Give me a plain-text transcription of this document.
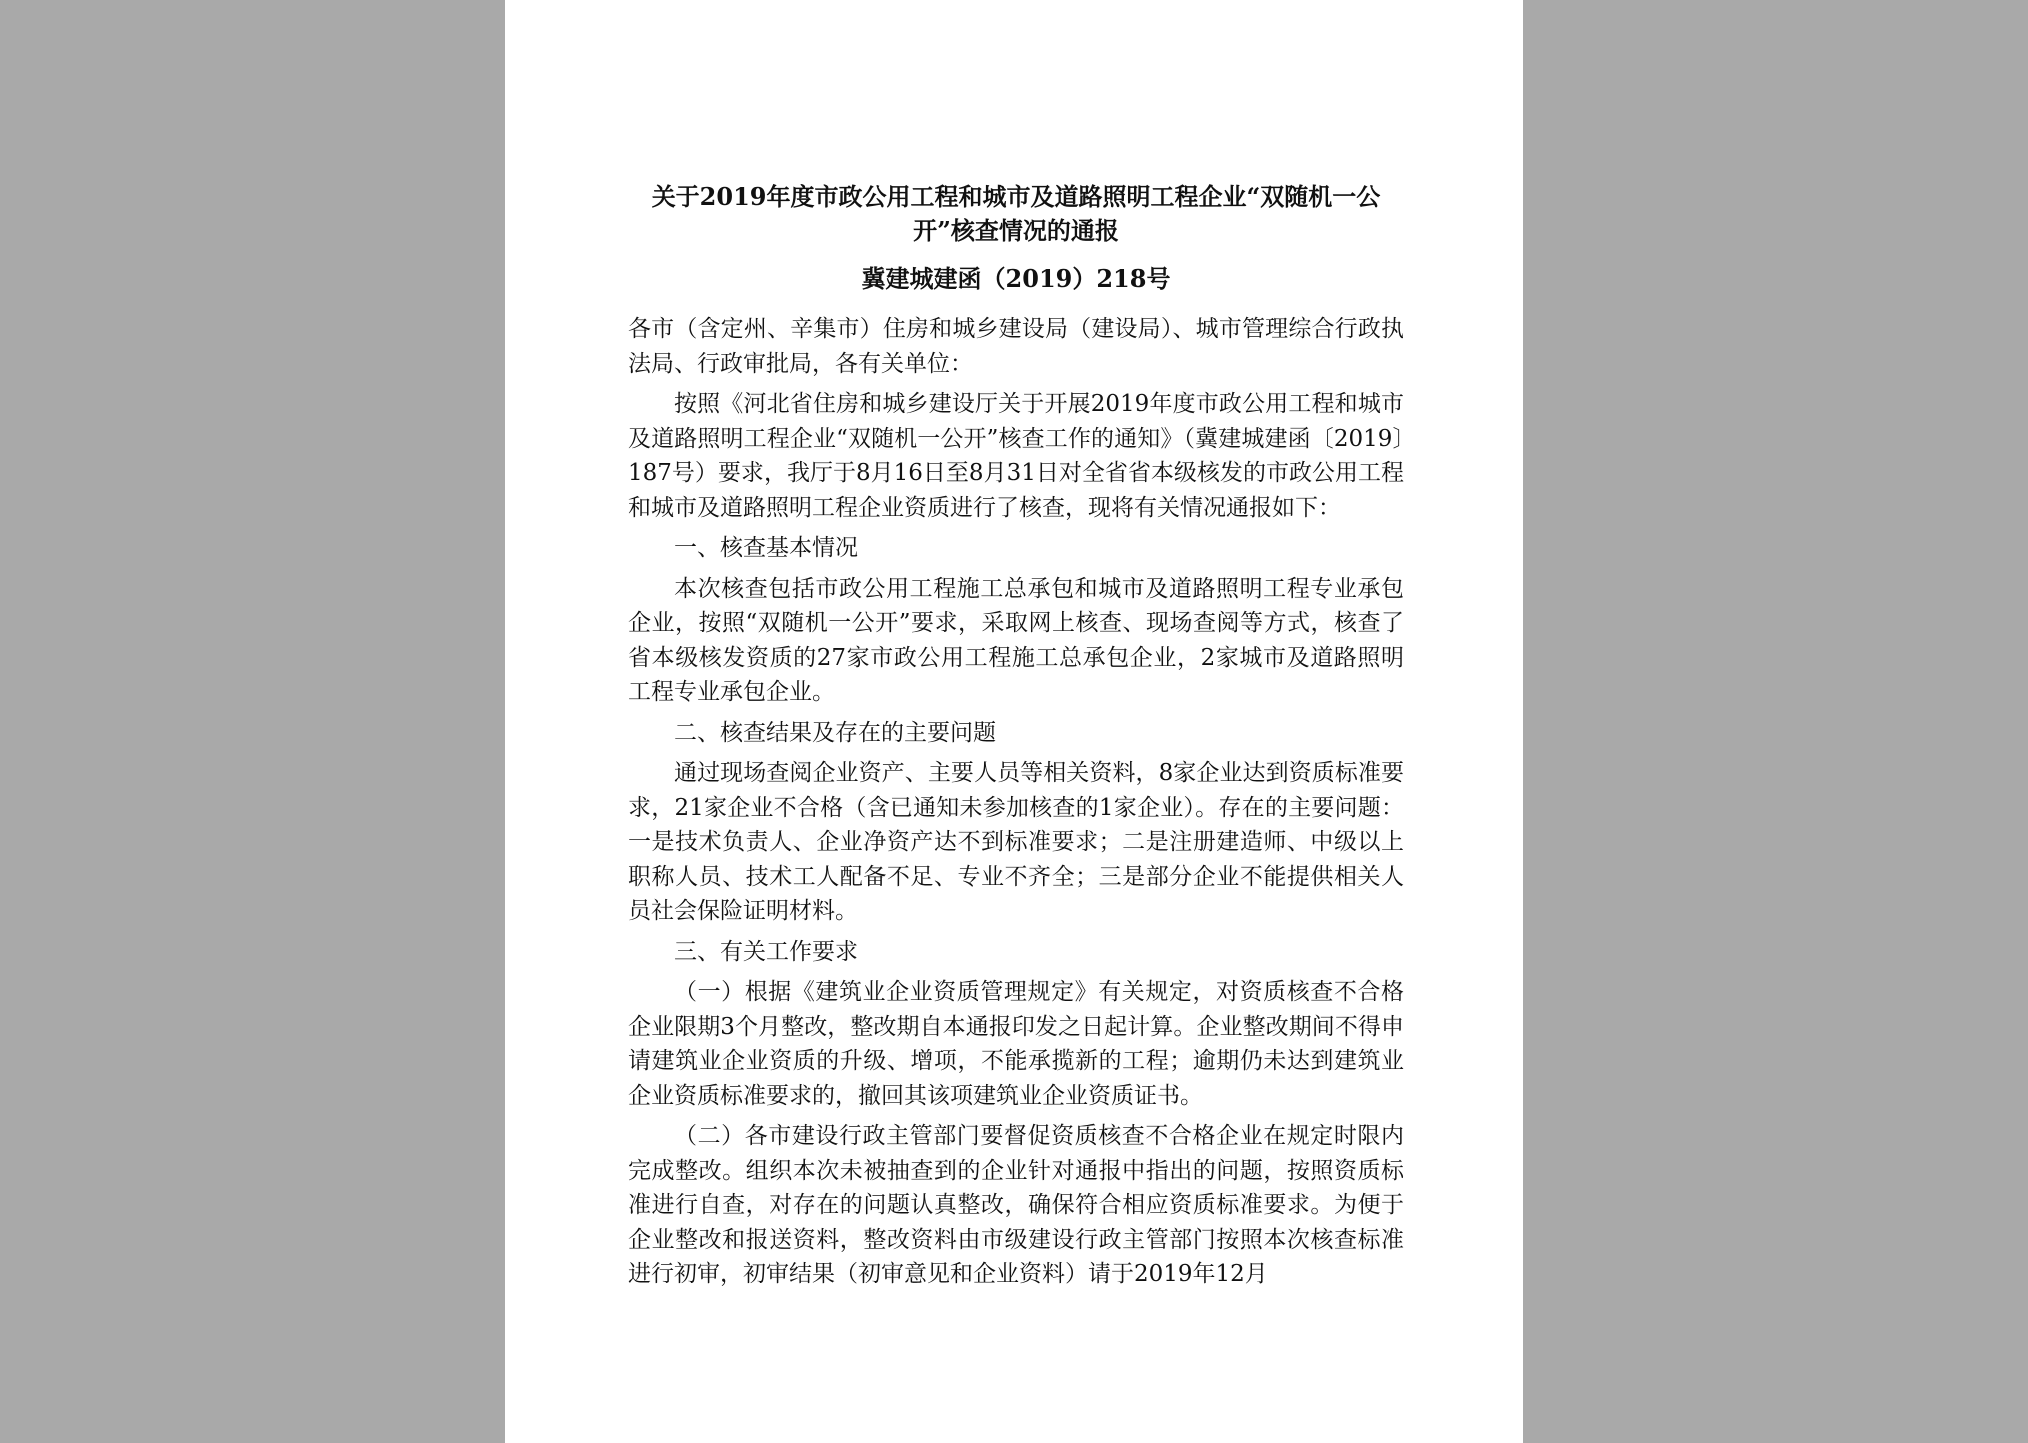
关于2019年度市政公用工程和城市及道路照明工程企业“双随机一公开”核查情况的通报

冀建城建函（2019）218号

各市（含定州、辛集市）住房和城乡建设局（建设局）、城市管理综合行政执法局、行政审批局，各有关单位：

按照《河北省住房和城乡建设厅关于开展2019年度市政公用工程和城市及道路照明工程企业“双随机一公开”核查工作的通知》（冀建城建函〔2019〕187号）要求，我厅于8月16日至8月31日对全省省本级核发的市政公用工程和城市及道路照明工程企业资质进行了核查，现将有关情况通报如下：

一、核查基本情况

本次核查包括市政公用工程施工总承包和城市及道路照明工程专业承包企业，按照“双随机一公开”要求，采取网上核查、现场查阅等方式，核查了省本级核发资质的27家市政公用工程施工总承包企业，2家城市及道路照明工程专业承包企业。

二、核查结果及存在的主要问题

通过现场查阅企业资产、主要人员等相关资料，8家企业达到资质标准要求，21家企业不合格（含已通知未参加核查的1家企业）。存在的主要问题：一是技术负责人、企业净资产达不到标准要求；二是注册建造师、中级以上职称人员、技术工人配备不足、专业不齐全；三是部分企业不能提供相关人员社会保险证明材料。

三、有关工作要求

（一）根据《建筑业企业资质管理规定》有关规定，对资质核查不合格企业限期3个月整改，整改期自本通报印发之日起计算。企业整改期间不得申请建筑业企业资质的升级、增项，不能承揽新的工程；逾期仍未达到建筑业企业资质标准要求的，撤回其该项建筑业企业资质证书。

（二）各市建设行政主管部门要督促资质核查不合格企业在规定时限内完成整改。组织本次未被抽查到的企业针对通报中指出的问题，按照资质标准进行自查，对存在的问题认真整改，确保符合相应资质标准要求。为便于企业整改和报送资料，整改资料由市级建设行政主管部门按照本次核查标准进行初审，初审结果（初审意见和企业资料）请于2019年12月
